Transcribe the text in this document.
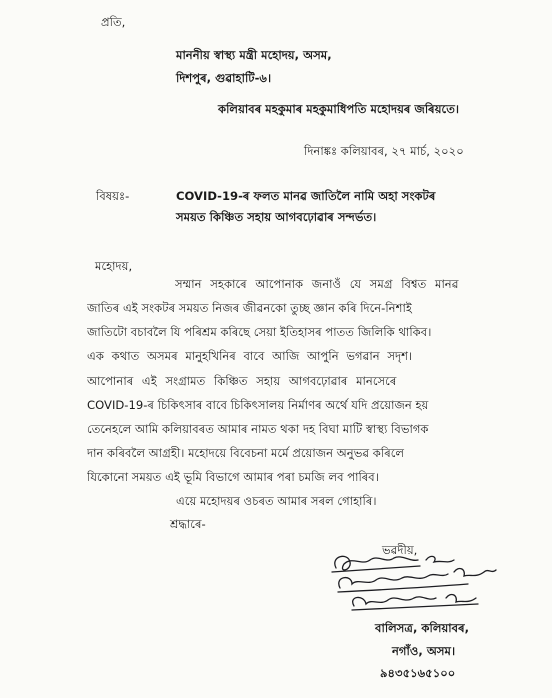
প্ৰতি,
মাননীয় স্বাস্থ্য মন্ত্ৰী মহোদয়, অসম,
দিশপুৰ, গুৱাহাটি-৬।
কলিয়াবৰ মহকুমাৰ মহকুমাধিপতি মহোদয়ৰ জৰিয়তে।
দিনাঙ্কঃ কলিয়াবৰ, ২৭ মাৰ্চ, ২০২০
বিষয়ঃ-	COVID-19-ৰ ফলত মানৱ জাতিলৈ নামি অহা সংকটৰ
সময়ত কিঞ্চিত সহায় আগবঢ়োৱাৰ সন্দৰ্ভত।
মহোদয়,
সম্মান সহকাৰে আপোনাক জনাওঁ যে সমগ্ৰ বিশ্বত মানৱ
জাতিৰ এই সংকটৰ সময়ত নিজৰ জীৱনকো তুচ্ছ জ্ঞান কৰি দিনে-নিশাই
জাতিটো বচাবলৈ যি পৰিশ্ৰম কৰিছে সেয়া ইতিহাসৰ পাতত জিলিকি থাকিব।
এক কথাত অসমৰ মানুহখিনিৰ বাবে আজি আপুনি ভগৱান সদৃশ।
আপোনাৰ এই সংগ্ৰামত কিঞ্চিত সহায় আগবঢ়োৱাৰ মানসেৰে
COVID-19-ৰ চিকিৎসাৰ বাবে চিকিৎসালয় নিৰ্মাণৰ অৰ্থে যদি প্ৰয়োজন হয়
তেনেহলে আমি কলিয়াবৰত আমাৰ নামত থকা দহ বিঘা মাটি স্বাস্থ্য বিভাগক
দান কৰিবলৈ আগ্ৰহী। মহোদয়ে বিবেচনা মৰ্মে প্ৰয়োজন অনুভৱ কৰিলে
যিকোনো সময়ত এই ভূমি বিভাগে আমাৰ পৰা চমজি লব পাৰিব।
এয়ে মহোদয়ৰ ওচৰত আমাৰ সৰল গোহাৰি।
শ্ৰদ্ধাৰে-
ভৱদীয়,
বালিসত্ৰ, কলিয়াবৰ,
নগাঁও, অসম।
৯৪৩৫১৬৫১০০
